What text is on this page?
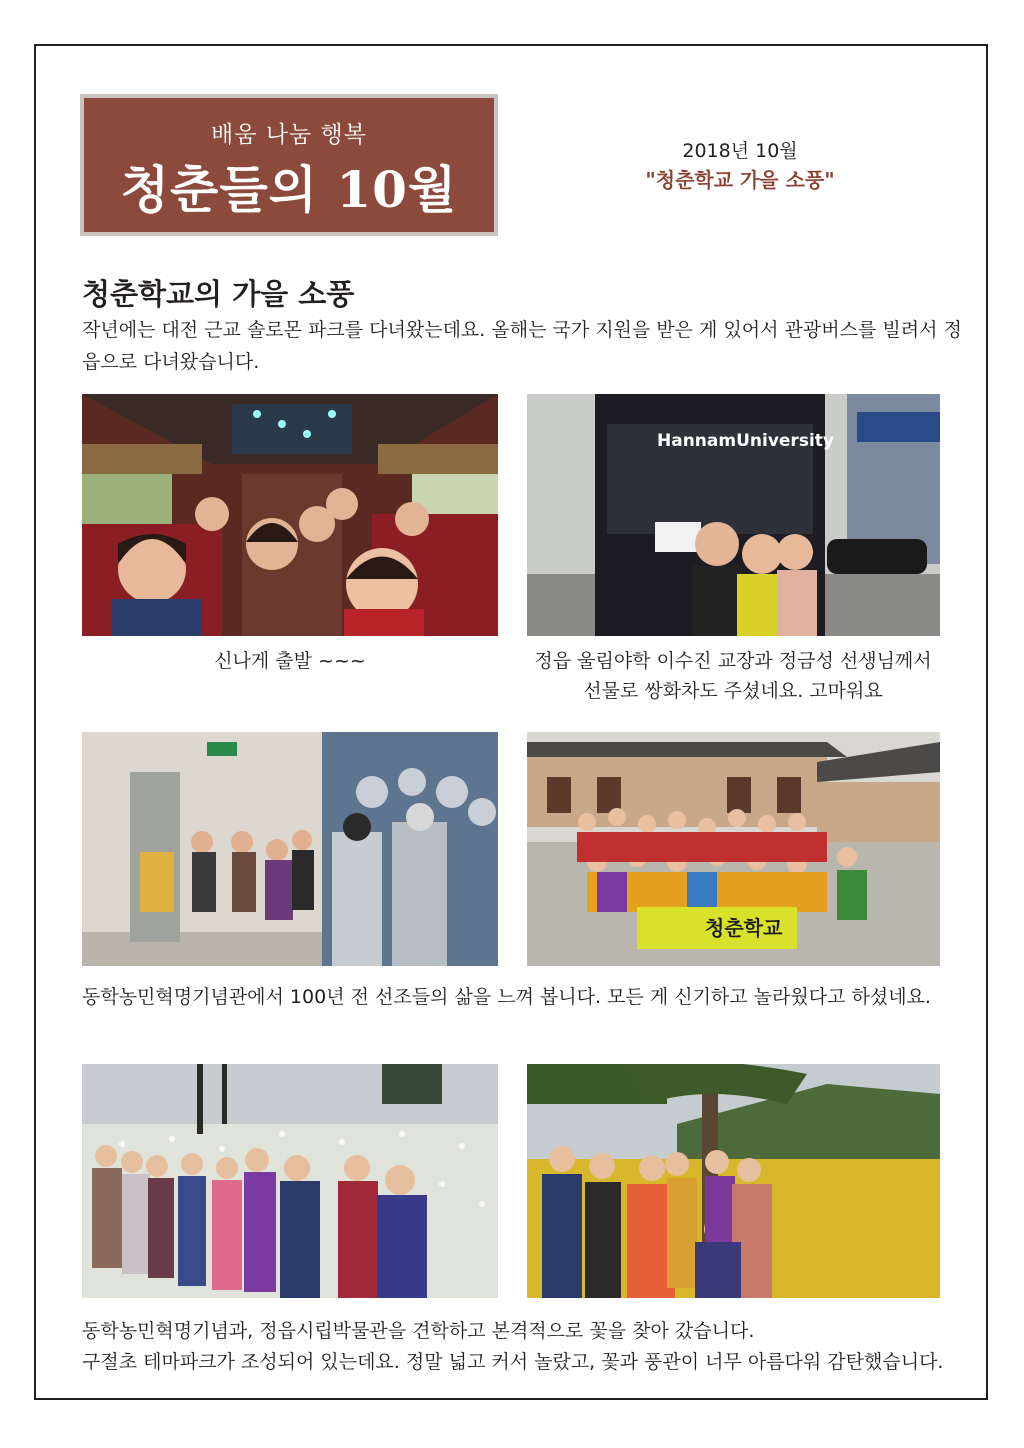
배움 나눔 행복
청춘들의 10월
2018년 10월
"청춘학교 가을 소풍"
청춘학교의 가을 소풍
작년에는 대전 근교 솔로몬 파크를 다녀왔는데요. 올해는 국가 지원을 받은 게 있어서 관광버스를 빌려서 정읍으로 다녀왔습니다.
신나게 출발 ~~~
HannamUniversity
정읍 울림야학 이수진 교장과 정금성 선생님께서
선물로 쌍화차도 주셨네요. 고마워요
청춘학교
동학농민혁명기념관에서 100년 전 선조들의 삶을 느껴 봅니다. 모든 게 신기하고 놀라웠다고 하셨네요.
동학농민혁명기념과, 정읍시립박물관을 견학하고 본격적으로 꽃을 찾아 갔습니다.
구절초 테마파크가 조성되어 있는데요. 정말 넓고 커서 놀랐고, 꽃과 풍관이 너무 아름다워 감탄했습니다.
